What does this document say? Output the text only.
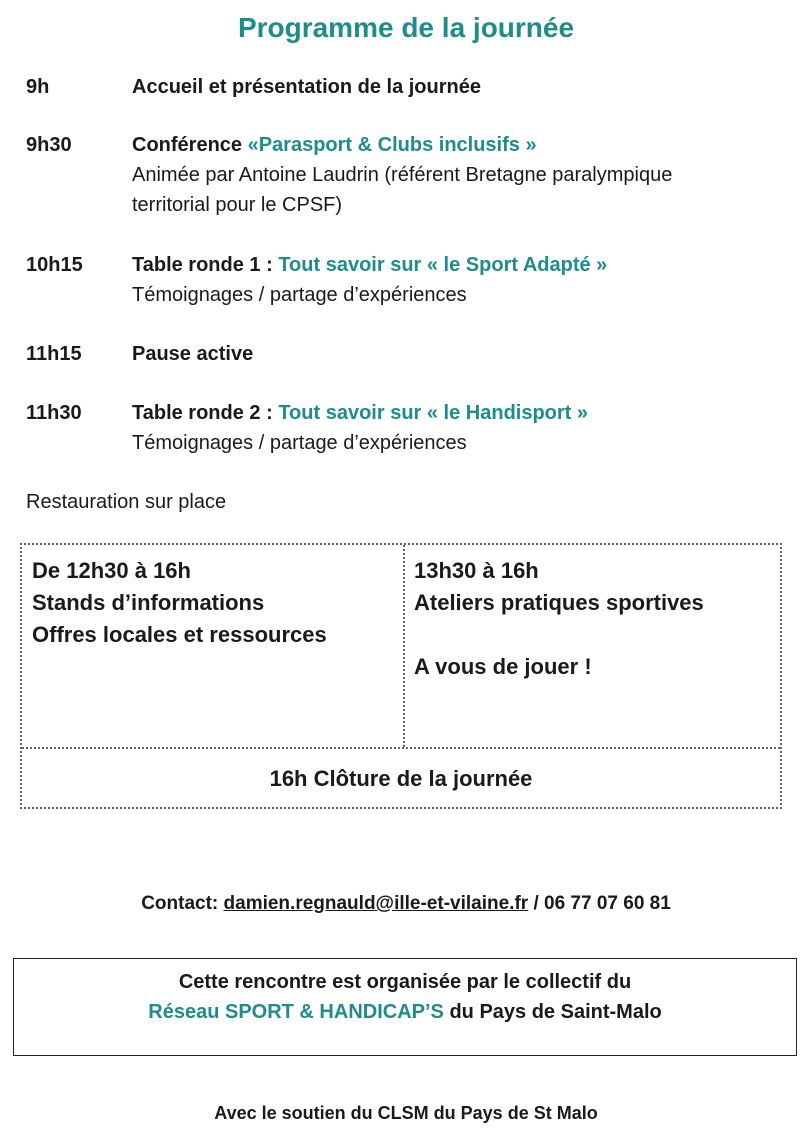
Programme de la journée
9h	Accueil et présentation de la journée
9h30	Conférence «Parasport & Clubs inclusifs »
Animée par Antoine Laudrin (référent Bretagne paralympique
territorial pour le CPSF)
10h15 Table ronde 1 : Tout savoir sur « le Sport Adapté »
Témoignages / partage d’expériences
11h15	Pause active
11h30	Table ronde 2 : Tout savoir sur « le Handisport »
Témoignages / partage d’expériences
Restauration sur place
De 12h30 à 16h
Stands d’informations
Offres locales et ressources
13h30 à 16h
Ateliers pratiques sportives
A vous de jouer !
16h Clôture de la journée
Contact: damien.regnauld@ille-et-vilaine.fr / 06 77 07 60 81
Cette rencontre est organisée par le collectif du
Réseau SPORT & HANDICAP’S du Pays de Saint-Malo
Avec le soutien du CLSM du Pays de St Malo
